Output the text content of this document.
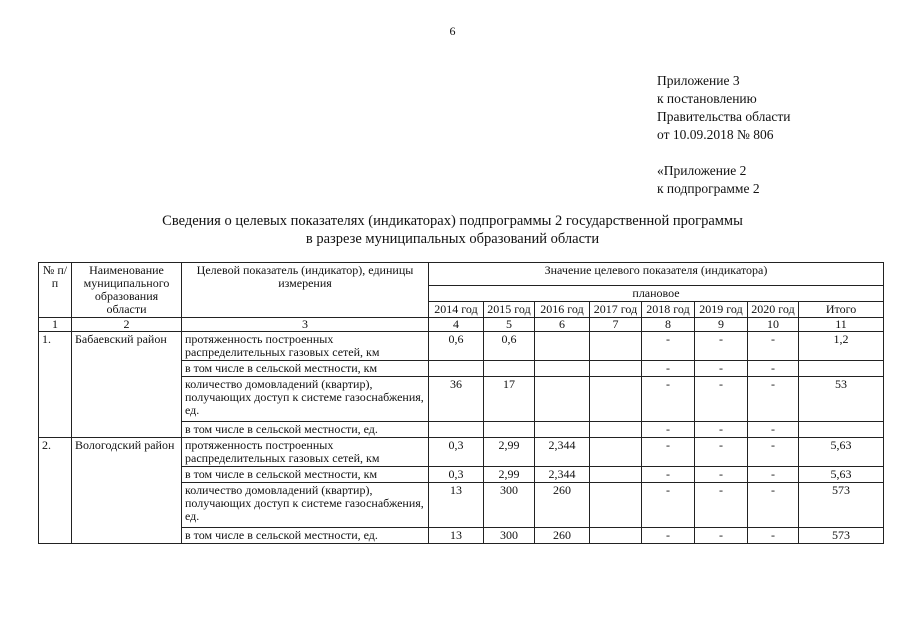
6
Приложение 3
к постановлению
Правительства области
от 10.09.2018 № 806
«Приложение 2
к подпрограмме 2
Сведения о целевых показателях (индикаторах) подпрограммы 2 государственной программы
в разрезе муниципальных образований области
№ п/п	Наименование муниципального образования области	Целевой показатель (индикатор), единицы измерения	Значение целевого показателя (индикатора)							
			плановое							
			2014 год	2015 год	2016 год	2017 год	2018 год	2019 год	2020 год	Итого
1	2	3	4	5	6	7	8	9	10	11
1.	Бабаевский район	протяженность построенных распределительных газовых сетей, км	0,6	0,6			-	-	-	1,2
		в том числе в сельской местности, км					-	-	-	
		количество домовладений (квартир), получающих доступ к системе газоснабжения, ед.	36	17			-	-	-	53
		в том числе в сельской местности, ед.					-	-	-	
2.	Вологодский район	протяженность построенных распределительных газовых сетей, км	0,3	2,99	2,344		-	-	-	5,63
		в том числе в сельской местности, км	0,3	2,99	2,344		-	-	-	5,63
		количество домовладений (квартир), получающих доступ к системе газоснабжения, ед.	13	300	260		-	-	-	573
		в том числе в сельской местности, ед.	13	300	260		-	-	-	573
